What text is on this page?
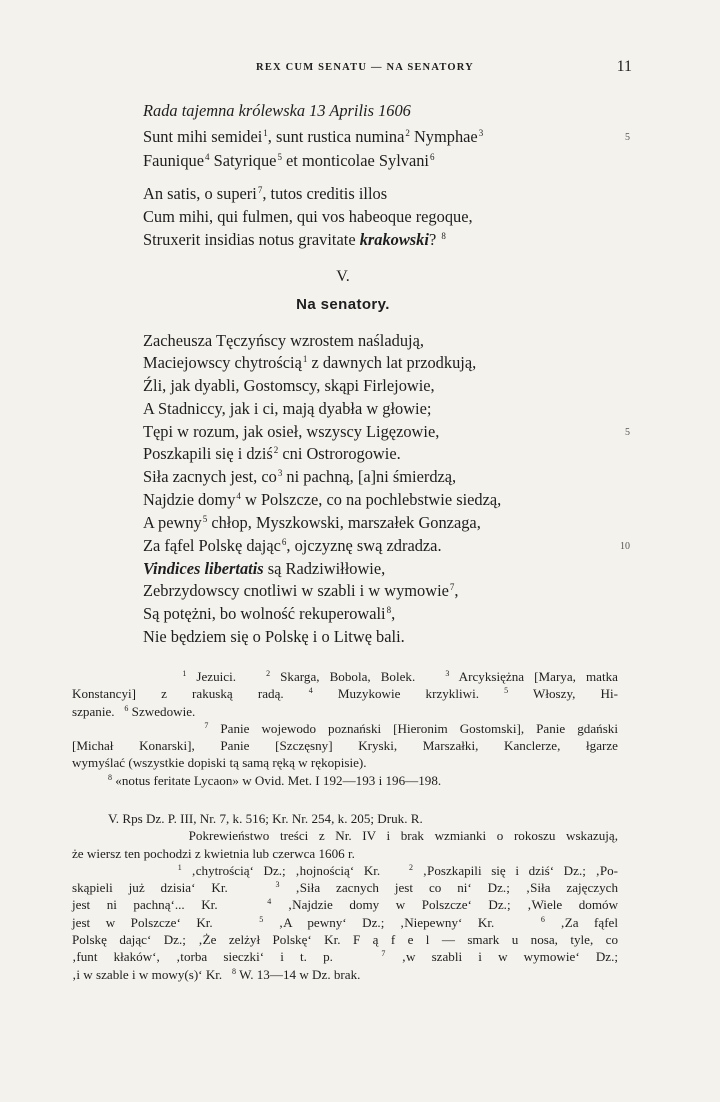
REX CUM SENATU — NA SENATORY	11
Rada tajemna królewska 13 Aprilis 1606
Sunt mihi semidei$^1$, sunt rustica numina$^2$ Nymphae$^3$	5
Faunique$^4$ Satyrique$^5$ et monticolae Sylvani$^6$
An satis, o superi$^7$, tutos creditis illos
Cum mihi, qui fulmen, qui vos habeoque regoque,
Struxerit insidias notus gravitate krakowski? $^8$
V.
Na senatory.
Zacheusza Tęczyńscy wzrostem naśladują,
Maciejowscy chytrością$^1$ z dawnych lat przodkują,
Źli, jak dyabli, Gostomscy, skąpi Firlejowie,
A Stadniccy, jak i ci, mają dyabła w głowie;
Tępi w rozum, jak osieł, wszyscy Ligęzowie,	5
Poszkapili się i dziś$^2$ cni Ostrorogowie.
Siła zacnych jest, $co^3$ ni pachną, [a]ni śmierdzą,
Najdzie domy$^4$ w Polszcze, co na pochlebstwie siedzą,
A pewny$^5$ chłop, Myszkowski, marszałek Gonzaga,
Za fąfel Polskę dając$^6$, ojczyznę swą zdradza.	10
Vindices libertatis są Radziwiłłowie,
Zebrzydowscy cnotliwi w szabli i w wymowie$^7$,
Są potężni, bo wolność rekuperowali$^8$,
Nie będziem się o Polskę i o Litwę bali.
$^1$ Jezuici.	$^2$ Skarga, Bobola, Bolek.	$^3$ Arcyksiężna [Marya, matka
Konstancyi] z rakuską radą.	$^4$ Muzykowie krzykliwi.	$^5$ Włoszy, Hi-
szpanie. $^6$ Szwedowie.
$^7$ Panie wojewodo poznański [Hieronim Gostomski], Panie gdański
[Michał Konarski], Panie [Szczęsny] Kryski, Marszałki, Kanclerze, łgarze
wymyślać (wszystkie dopiski tą samą ręką w rękopisie).
$^8$ «notus feritate Lycaon» w Ovid. Met. I 192—193 i 196—198.
V. Rps Dz. P. III, Nr. 7, k. 516; Kr. Nr. 254, k. 205; Druk. R.
Pokrewieństwo treści z Nr. IV i brak wzmianki o rokoszu wskazują,
że wiersz ten pochodzi z kwietnia lub czerwca 1606 r.
$^1$ ‚chytrością‘ Dz.; ‚hojnością‘ Kr.	$^2$ ‚Poszkapili się i dziś‘ Dz.; ‚Po-
skąpieli już dzisia‘ Kr.	$^3$ ‚Siła zacnych jest co ni‘ Dz.; ‚Siła zajęczych
jest ni pachną‘... Kr.	$^4$ ‚Najdzie domy w Polszcze‘ Dz.; ‚Wiele domów
jest w Polszcze‘ Kr.	$^5$ ‚A pewny‘ Dz.; ‚Niepewny‘ Kr.	$^6$ ‚Za fąfel
Polskę dając‘ Dz.; ‚Że zelżył Polskę‘ Kr. F ą f e l — smark u nosa, tyle, co
‚funt kłaków‘, ‚torba sieczki‘ i t. p.	$^7$ ‚w szabli i w wymowie‘ Dz.;
‚i w szable i w mowy(s)‘ Kr. $^8$ W. 13—14 w Dz. brak.
